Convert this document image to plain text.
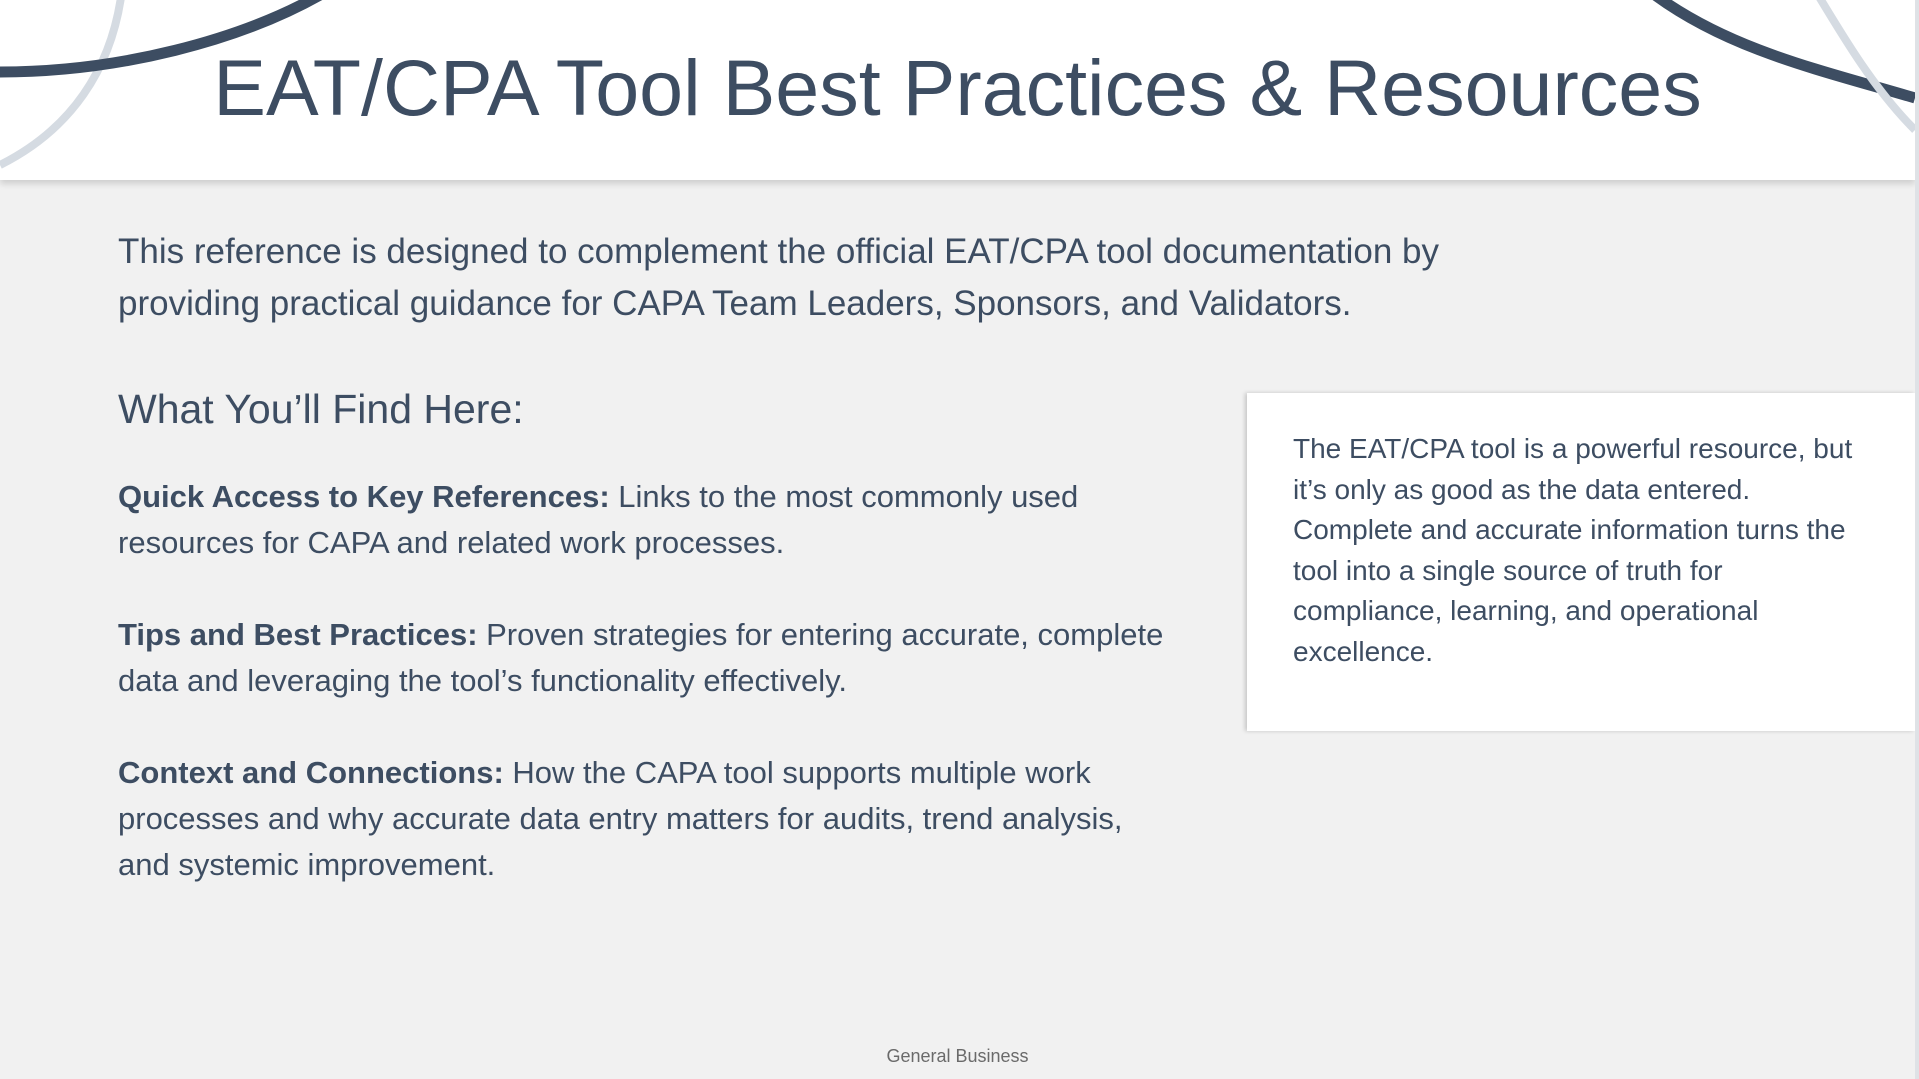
EAT/CPA Tool Best Practices & Resources

This reference is designed to complement the official EAT/CPA tool documentation by providing practical guidance for CAPA Team Leaders, Sponsors, and Validators.

What You’ll Find Here:

Quick Access to Key References: Links to the most commonly used resources for CAPA and related work processes.

Tips and Best Practices: Proven strategies for entering accurate, complete data and leveraging the tool’s functionality effectively.

Context and Connections: How the CAPA tool supports multiple work processes and why accurate data entry matters for audits, trend analysis, and systemic improvement.

The EAT/CPA tool is a powerful resource, but it’s only as good as the data entered. Complete and accurate information turns the tool into a single source of truth for compliance, learning, and operational excellence.

General Business
